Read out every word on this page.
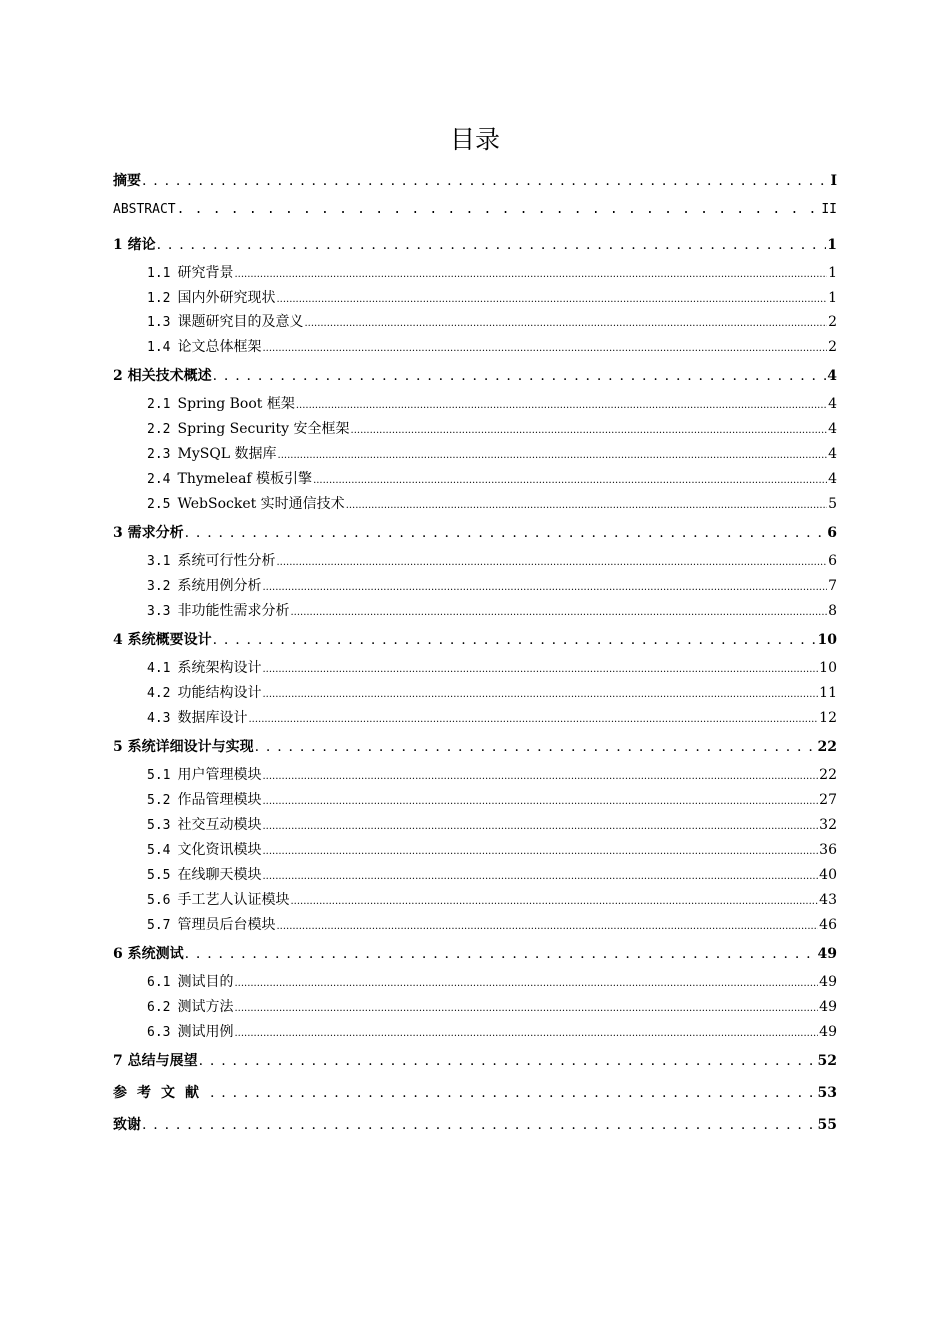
目录
摘要 . . .	I
ABSTRACT . . .	II
1 绪论 . . .	1
1.1 研究背景 .....	1
1.2 国内外研究现状 .....	1
1.3 课题研究目的及意义 .....	2
1.4 论文总体框架 .....	2
2 相关技术概述 . . .	4
2.1 Spring Boot 框架 .....	4
2.2 Spring Security 安全框架 .....	4
2.3 MySQL 数据库 .....	4
2.4 Thymeleaf 模板引擎 .....	4
2.5 WebSocket 实时通信技术 .....	5
3 需求分析 . . .	6
3.1 系统可行性分析 .....	6
3.2 系统用例分析 .....	7
3.3 非功能性需求分析 .....	8
4 系统概要设计 . . .	10
4.1 系统架构设计 .....	10
4.2 功能结构设计 .....	11
4.3 数据库设计 .....	12
5 系统详细设计与实现 . . .	22
5.1 用户管理模块 .....	22
5.2 作品管理模块 .....	27
5.3 社交互动模块 .....	32
5.4 文化资讯模块 .....	36
5.5 在线聊天模块 .....	40
5.6 手工艺人认证模块 .....	43
5.7 管理员后台模块 .....	46
6 系统测试 . . .	49
6.1 测试目的 .....	49
6.2 测试方法 .....	49
6.3 测试用例 .....	49
7 总结与展望 . . .	52
参考文献 . . .	53
致谢 . . .	55
